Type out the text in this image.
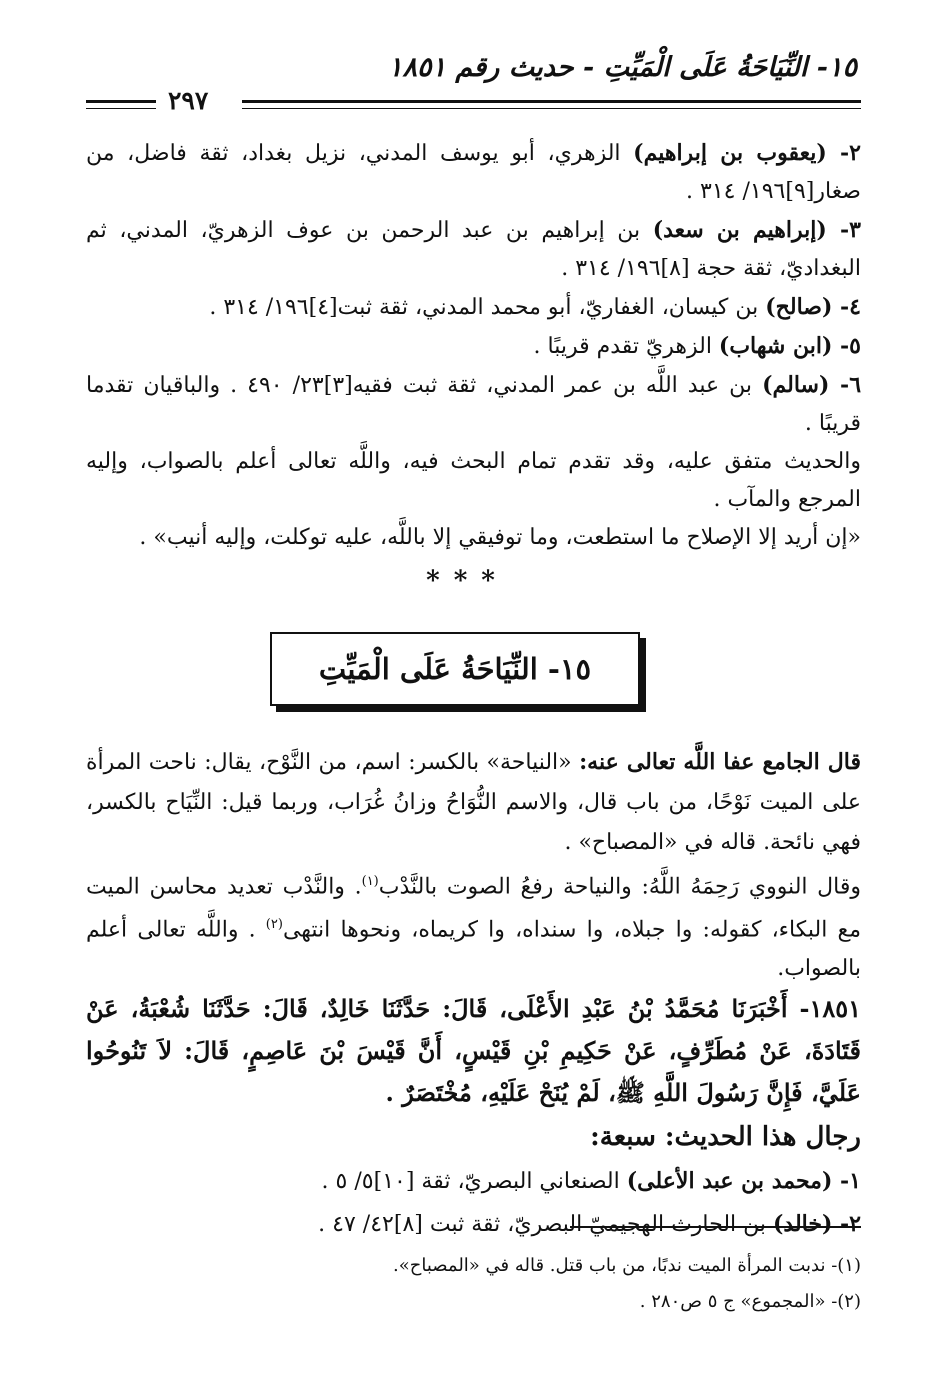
١٥- النِّيَاحَةُ عَلَى الْمَيِّتِ - حديث رقم ١٨٥١
٢٩٧

٢- (يعقوب بن إبراهيم) الزهري، أبو يوسف المدني، نزيل بغداد، ثقة فاضل، من صغار[٩]١٩٦/ ٣١٤ .

٣- (إبراهيم بن سعد) بن إبراهيم بن عبد الرحمن بن عوف الزهريّ، المدني، ثم البغداديّ، ثقة حجة [٨]١٩٦/ ٣١٤ .

٤- (صالح) بن كيسان، الغفاريّ، أبو محمد المدني، ثقة ثبت[٤]١٩٦/ ٣١٤ .

٥- (ابن شهاب) الزهريّ تقدم قريبًا .

٦- (سالم) بن عبد اللَّه بن عمر المدني، ثقة ثبت فقيه[٣]٢٣/ ٤٩٠ . والباقيان تقدما قريبًا .

والحديث متفق عليه، وقد تقدم تمام البحث فيه، واللَّه تعالى أعلم بالصواب، وإليه المرجع والمآب .

«إن أريد إلا الإصلاح ما استطعت، وما توفيقي إلا باللَّه، عليه توكلت، وإليه أنيب» .

***
١٥- النِّيَاحَةُ عَلَى الْمَيِّتِ

قال الجامع عفا اللَّه تعالى عنه: «النياحة» بالكسر: اسم، من النَّوْح، يقال: ناحت المرأة على الميت نَوْحًا، من باب قال، والاسم النُّوَاحُ وزانُ غُرَاب، وربما قيل: النِّيَاح بالكسر، فهي نائحة. قاله في «المصباح» .

وقال النووي رَحِمَهُ اللَّهُ: والنياحة رفعُ الصوت بالنَّدْب$^{(١)}$. والنَّدْب تعديد محاسن الميت مع البكاء، كقوله: وا جبلاه، وا سنداه، وا كريماه، ونحوها انتهى$^{(٢)}$ . واللَّه تعالى أعلم بالصواب.

١٨٥١- أَخْبَرَنَا مُحَمَّدُ بْنُ عَبْدِ الأَعْلَى، قَالَ: حَدَّثَنَا خَالِدٌ، قَالَ: حَدَّثَنَا شُعْبَةُ، عَنْ قَتَادَةَ، عَنْ مُطَرِّفٍ، عَنْ حَكِيمِ بْنِ قَيْسٍ، أَنَّ قَيْسَ بْنَ عَاصِمٍ، قَالَ: لاَ تَنُوحُوا عَلَيَّ، فَإِنَّ رَسُولَ اللَّهِ ﷺ، لَمْ يُنَحْ عَلَيْهِ، مُخْتَصَرٌ .

رجال هذا الحديث: سبعة:

١- (محمد بن عبد الأعلى) الصنعاني البصريّ، ثقة [١٠]٥/ ٥ .

٢- (خالد) بن الحارث الهجيميّ البصريّ، ثقة ثبت [٨]٤٢/ ٤٧ .

(١)- ندبت المرأة الميت ندبًا، من باب قتل. قاله في «المصباح».

(٢)- «المجموع» ج ٥ ص٢٨٠ .
